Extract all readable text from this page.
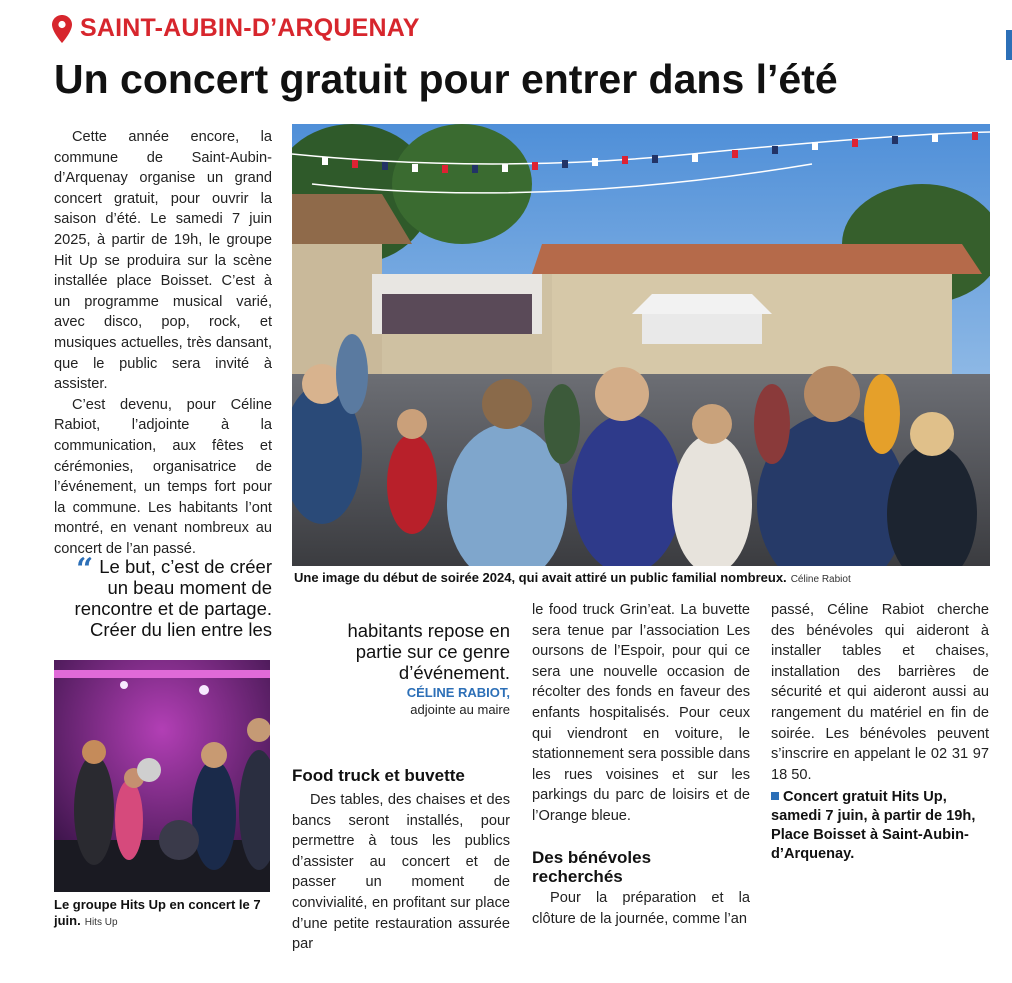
SAINT-AUBIN-D’ARQUENAY
Un concert gratuit pour entrer dans l’été

Cette année encore, la commune de Saint-Aubin-d’Arquenay organise un grand concert gratuit, pour ouvrir la saison d’été. Le samedi 7 juin 2025, à partir de 19h, le groupe Hit Up se produira sur la scène installée place Boisset. C’est à un programme musical varié, avec disco, pop, rock, et musiques actuelles, très dansant, que le public sera invité à assister.

C’est devenu, pour Céline Rabiot, l’adjointe à la communication, aux fêtes et cérémonies, organisatrice de l’événement, un temps fort pour la commune. Les habitants l’ont montré, en venant nombreux au concert de l’an passé.

“ Le but, c’est de créer un beau moment de rencontre et de partage. Créer du lien entre les	habitants repose en partie sur ce genre d’événement.
CÉLINE RABIOT,
adjointe au maire
Une image du début de soirée 2024, qui avait attiré un public familial nombreux. Céline Rabiot
Le groupe Hits Up en concert le 7 juin. Hits Up
Food truck et buvette

Des tables, des chaises et des bancs seront installés, pour permettre à tous les publics d’assister au concert et de passer un moment de convivialité, en profitant sur place d’une petite restauration assurée par

le food truck Grin’eat. La buvette sera tenue par l’association Les oursons de l’Espoir, pour qui ce sera une nouvelle occasion de récolter des fonds en faveur des enfants hospitalisés. Pour ceux qui viendront en voiture, le stationnement sera possible dans les rues voisines et sur les parkings du parc de loisirs et de l’Orange bleue.

Des bénévoles recherchés

Pour la préparation et la clôture de la journée, comme l’an

passé, Céline Rabiot cherche des bénévoles qui aideront à installer tables et chaises, installation des barrières de sécurité et qui aideront aussi au rangement du matériel en fin de soirée. Les bénévoles peuvent s’inscrire en appelant le 02 31 97 18 50.

Concert gratuit Hits Up, samedi 7 juin, à partir de 19h, Place Boisset à Saint-Aubin-d’Arquenay.
